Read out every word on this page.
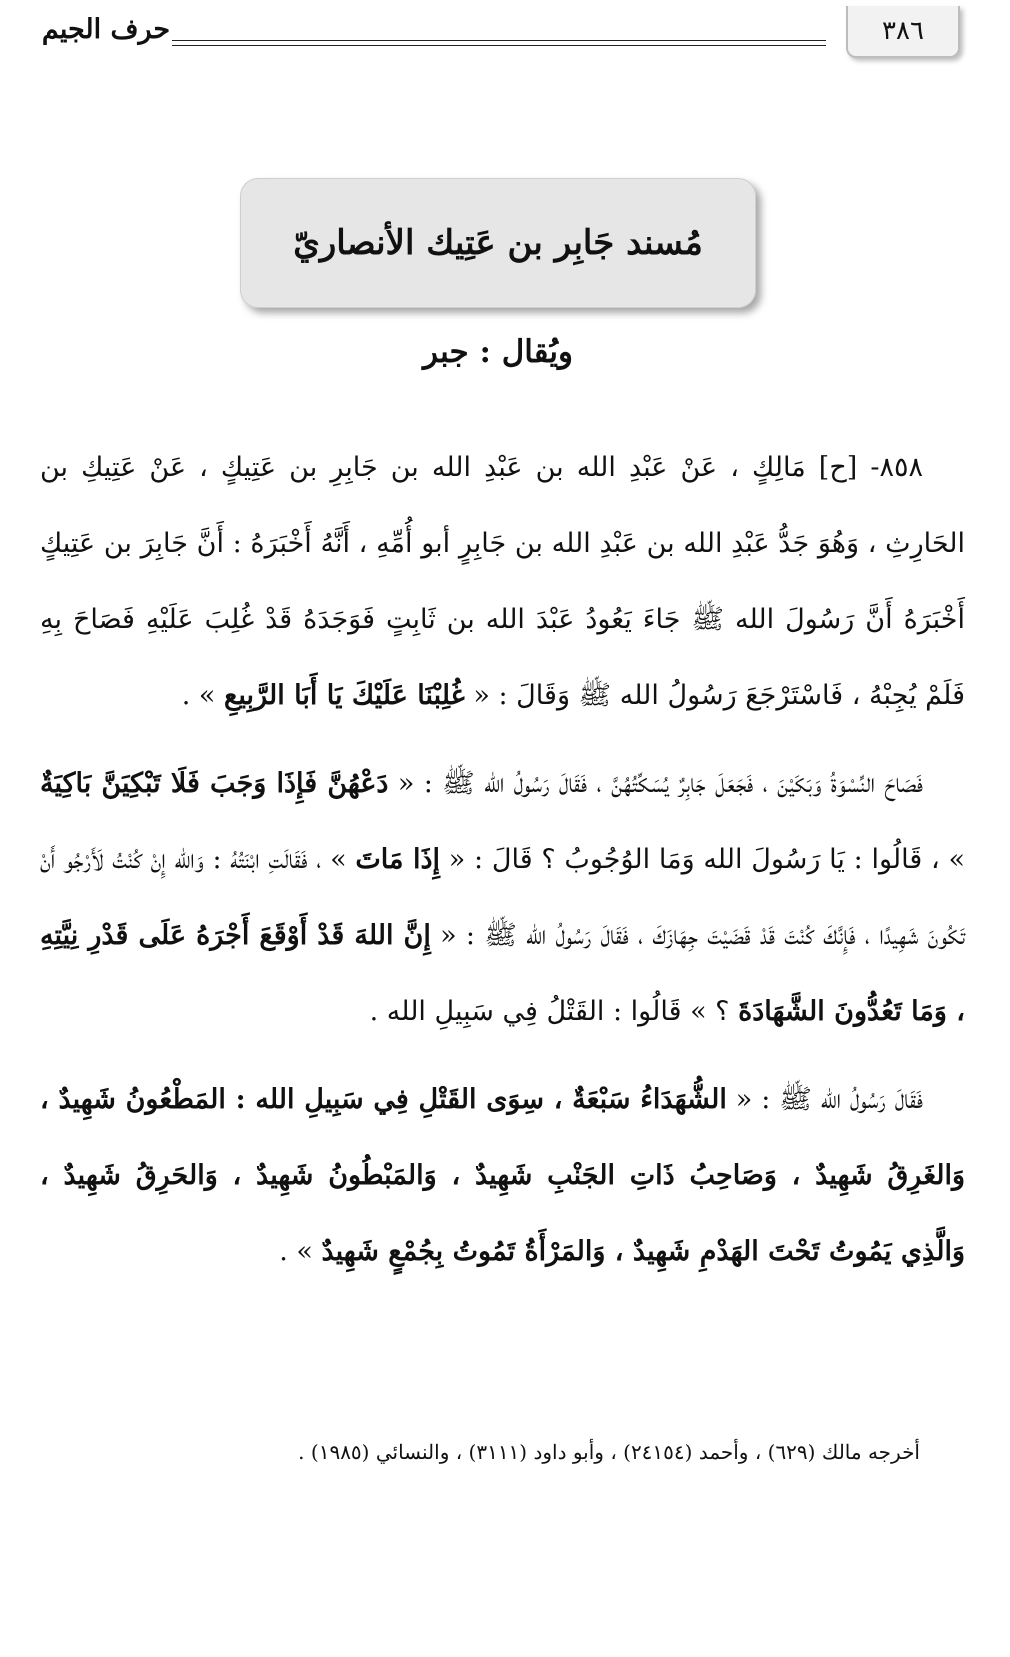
٣٨٦
حرف الجيم
مُسند جَابِر بن عَتِيك الأنصاريّ
ويُقال : جبر

٨٥٨- [ح] مَالِكٍ ، عَنْ عَبْدِ الله بن عَبْدِ الله بن جَابِرِ بن عَتِيكٍ ، عَنْ عَتِيكِ بن الحَارِثِ ، وَهُوَ جَدُّ عَبْدِ الله بن عَبْدِ الله بن جَابِرٍ أبو أُمِّهِ ، أَنَّهُ أَخْبَرَهُ : أَنَّ جَابِرَ بن عَتِيكٍ أَخْبَرَهُ أَنَّ رَسُولَ الله ﷺ جَاءَ يَعُودُ عَبْدَ الله بن ثَابِتٍ فَوَجَدَهُ قَدْ غُلِبَ عَلَيْهِ فَصَاحَ بِهِ فَلَمْ يُجِبْهُ ، فَاسْتَرْجَعَ رَسُولُ الله ﷺ وَقَالَ : « غُلِبْنَا عَلَيْكَ يَا أَبَا الرَّبِيعِ » .

فَصَاحَ النِّسْوَةُ وَبَكَيْنَ ، فَجَعَلَ جَابِرٌ يُسَكِّتُهُنَّ ، فَقَالَ رَسُولُ الله ﷺ : « دَعْهُنَّ فَإِذَا وَجَبَ فَلَا تَبْكِيَنَّ بَاكِيَةٌ » ، قَالُوا : يَا رَسُولَ الله وَمَا الوُجُوبُ ؟ قَالَ : « إِذَا مَاتَ » ، فَقَالَتِ ابْنَتُهُ : وَالله إِنْ كُنْتُ لَأَرْجُو أَنْ تَكُونَ شَهِيدًا ، فَإِنَّكَ كُنْتَ قَدْ قَضَيْتَ جِهَازَكَ ، فَقَالَ رَسُولُ الله ﷺ : « إِنَّ اللهَ قَدْ أَوْقَعَ أَجْرَهُ عَلَى قَدْرِ نِيَّتِهِ ، وَمَا تَعُدُّونَ الشَّهَادَةَ ؟ » قَالُوا : القَتْلُ فِي سَبِيلِ الله .

فَقَالَ رَسُولُ الله ﷺ : « الشُّهَدَاءُ سَبْعَةٌ ، سِوَى القَتْلِ فِي سَبِيلِ الله : المَطْعُونُ شَهِيدٌ ، وَالغَرِقُ شَهِيدٌ ، وَصَاحِبُ ذَاتِ الجَنْبِ شَهِيدٌ ، وَالمَبْطُونُ شَهِيدٌ ، وَالحَرِقُ شَهِيدٌ ، وَالَّذِي يَمُوتُ تَحْتَ الهَدْمِ شَهِيدٌ ، وَالمَرْأَةُ تَمُوتُ بِجُمْعٍ شَهِيدٌ » .

أخرجه مالك (٦٢٩) ، وأحمد (٢٤١٥٤) ، وأبو داود (٣١١١) ، والنسائي (١٩٨٥) .
